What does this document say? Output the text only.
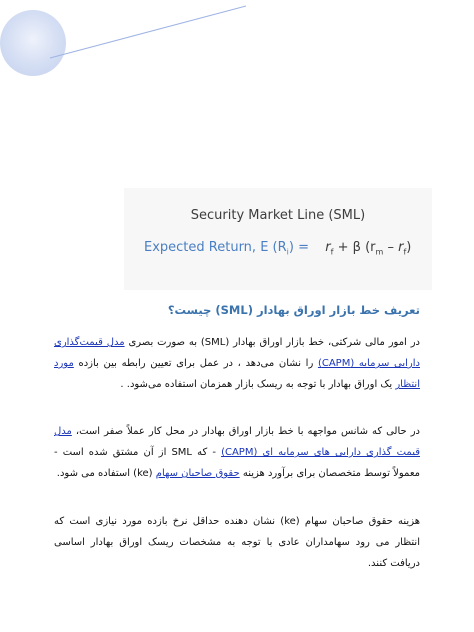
Security Market Line (SML)
Expected Return, E $(R_i) = r_f + \beta$ $(r_m - r_f)$
تعریف خط بازار اوراق بهادار (SML) چیست؟

در امور مالی شرکتی، خط بازار اوراق بهادار (SML) به صورت بصری مدل قیمت‌گذاری دارایی سرمایه (CAPM) را نشان می‌دهد ، در عمل برای تعیین رابطه بین بازده مورد انتظار یک اوراق بهادار با توجه به ریسک بازار همزمان استفاده می‌شود. .

در حالی که شانس مواجهه با خط بازار اوراق بهادار در محل کار عملاً صفر است، مدل قیمت گذاری دارایی های سرمایه ای (CAPM) - که SML از آن مشتق شده است - معمولاً توسط متخصصان برای برآورد هزینه حقوق صاحبان سهام (ke) استفاده می شود.

هزینه حقوق صاحبان سهام (ke) نشان دهنده حداقل نرخ بازده مورد نیازی است که انتظار می رود سهامداران عادی با توجه به مشخصات ریسک اوراق بهادار اساسی دریافت کنند.
